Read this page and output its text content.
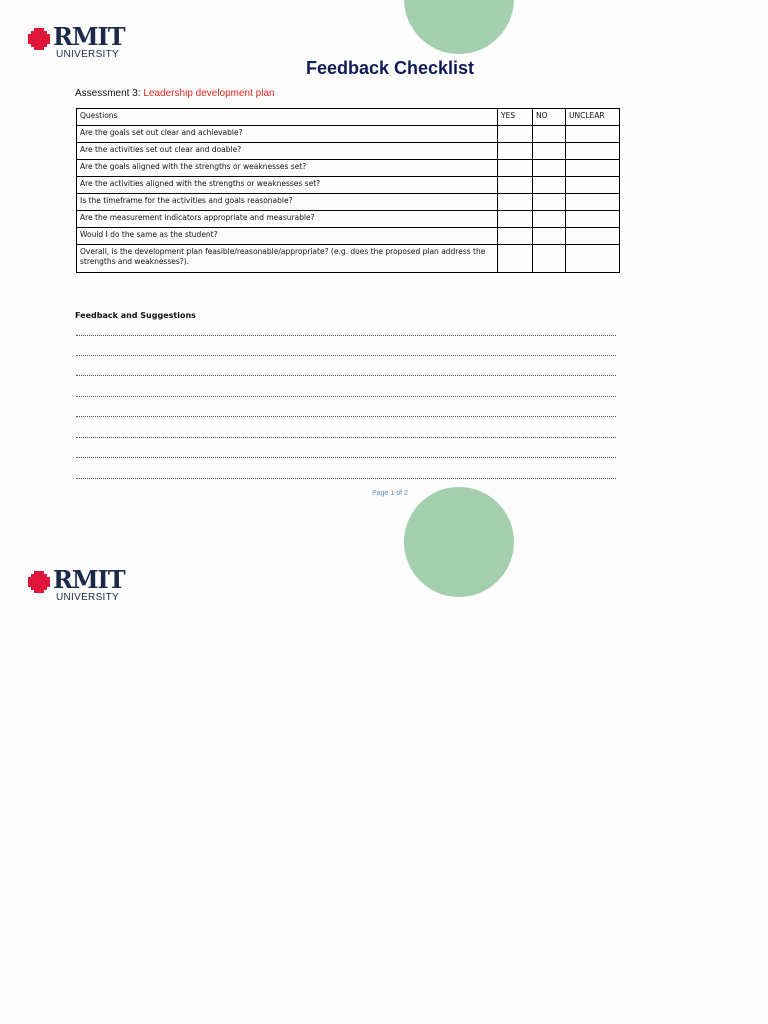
RMIT
UNIVERSITY
Feedback Checklist
Assessment 3: Leadership development plan
Questions	YES	NO	UNCLEAR
Are the goals set out clear and achievable?			
Are the activities set out clear and doable?			
Are the goals aligned with the strengths or weaknesses set?			
Are the activities aligned with the strengths or weaknesses set?			
Is the timeframe for the activities and goals reasonable?			
Are the measurement indicators appropriate and measurable?			
Would I do the same as the student?			
Overall, is the development plan feasible/reasonable/appropriate? (e.g. does the proposed plan address the strengths and weaknesses?).			
Feedback and Suggestions
Page 1 of 2
RMIT
UNIVERSITY
